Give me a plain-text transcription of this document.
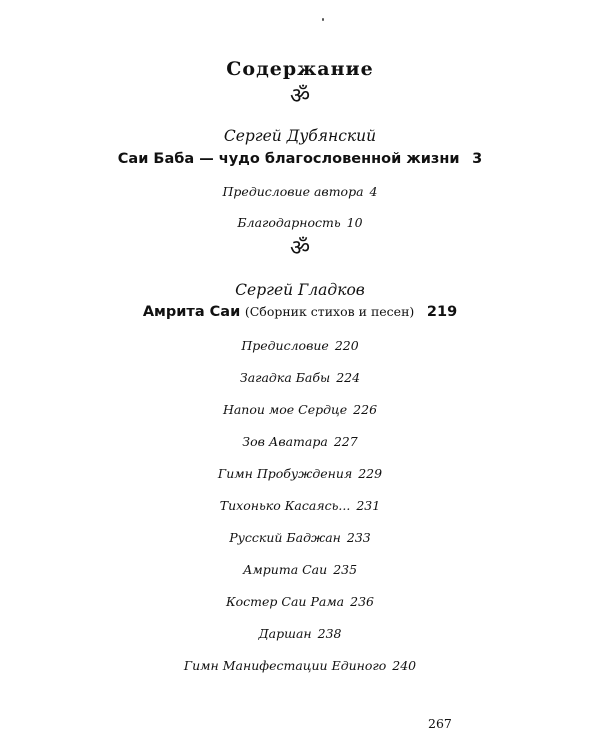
Содержание
ॐ
Сергей Дубянский
Саи Баба — чудо благословенной жизни 3
Предисловие автора 4
Благодарность 10
ॐ
Сергей Гладков
Амрита Саи (Сборник стихов и песен) 219
Предисловие 220
Загадка Бабы 224
Напои мое Сердце 226
Зов Аватара 227
Гимн Пробуждения 229
Тихонько Касаясь... 231
Русский Баджан 233
Амрита Саи 235
Костер Саи Рама 236
Даршан 238
Гимн Манифестации Единого 240
267
